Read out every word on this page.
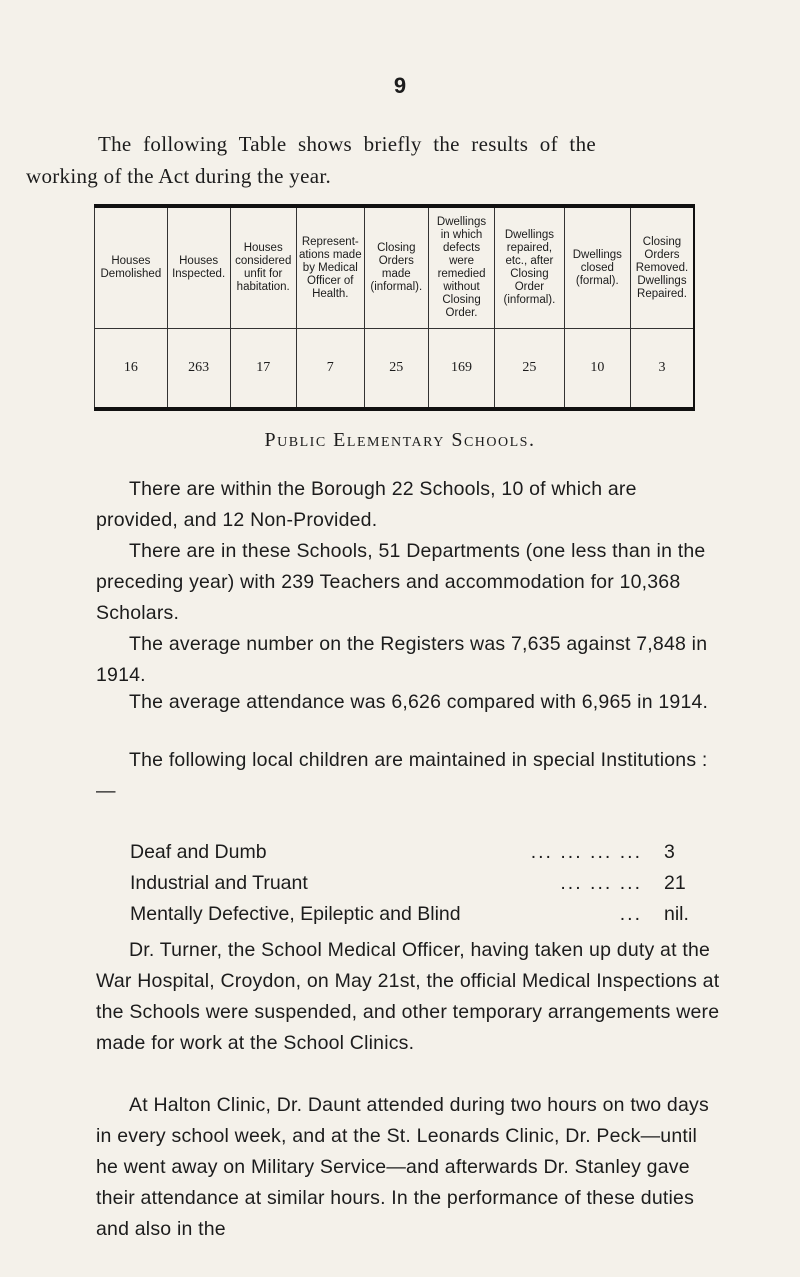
9
The following Table shows briefly the results of the
working of the Act during the year.
Houses Demolished	Houses Inspected.	Houses considered unfit for habitation.	Represent-ations made by Medical Officer of Health.	Closing Orders made (informal).	Dwellings in which defects were remedied without Closing Order.	Dwellings repaired, etc., after Closing Order (informal).	Dwellings closed (formal).	Closing Orders Removed. Dwellings Repaired.
16	263	17	7	25	169	25	10	3
Public Elementary Schools.
There are within the Borough 22 Schools, 10 of which are provided, and 12 Non-Provided.
There are in these Schools, 51 Departments (one less than in the preceding year) with 239 Teachers and accommodation for 10,368 Scholars.
The average number on the Registers was 7,635 against 7,848 in 1914.
The average attendance was 6,626 compared with 6,965 in 1914.
The following local children are maintained in special Institutions :—
Deaf and Dumb	... ... ... ...	3
Industrial and Truant	... ... ...	21
Mentally Defective, Epileptic and Blind	...	nil.
Dr. Turner, the School Medical Officer, having taken up duty at the War Hospital, Croydon, on May 21st, the official Medical Inspections at the Schools were suspended, and other temporary arrangements were made for work at the School Clinics.
At Halton Clinic, Dr. Daunt attended during two hours on two days in every school week, and at the St. Leonards Clinic, Dr. Peck—until he went away on Military Service—and afterwards Dr. Stanley gave their attendance at similar hours. In the performance of these duties and also in the
